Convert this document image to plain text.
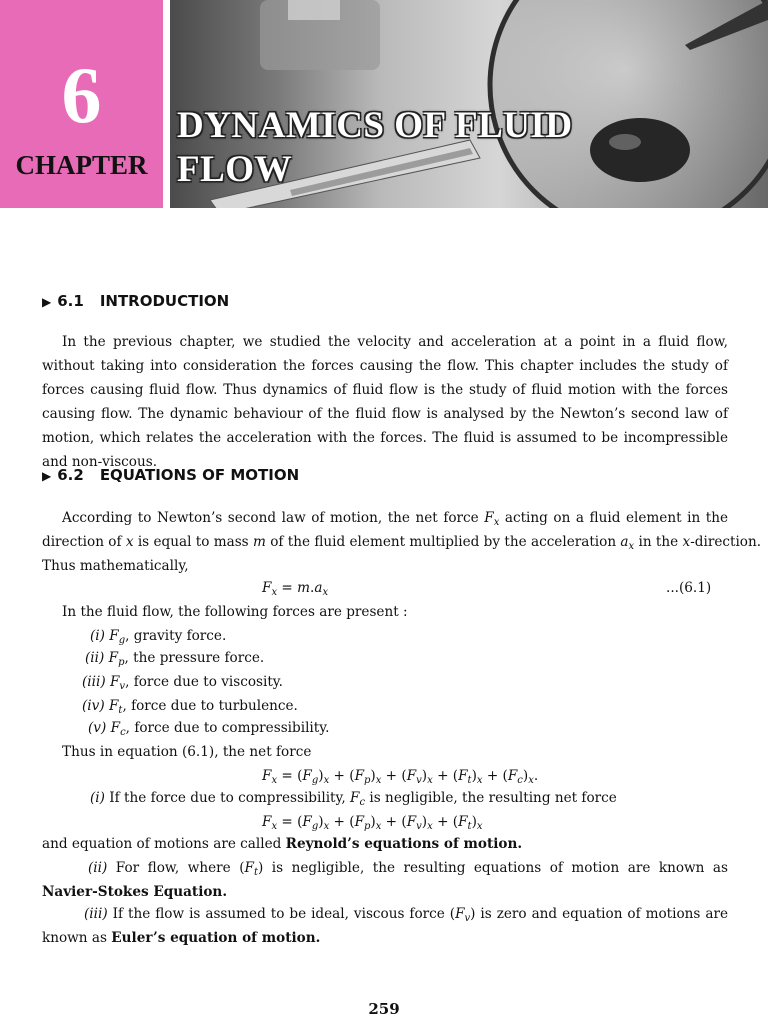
6
CHAPTER
DYNAMICS OF FLUID
FLOW
▶ 6.1 INTRODUCTION
In the previous chapter, we studied the velocity and acceleration at a point in a fluid flow, without taking into consideration the forces causing the flow. This chapter includes the study of forces causing fluid flow. Thus dynamics of fluid flow is the study of fluid motion with the forces causing flow. The dynamic behaviour of the fluid flow is analysed by the Newton’s second law of motion, which relates the acceleration with the forces. The fluid is assumed to be incompressible and non-viscous.
▶ 6.2 EQUATIONS OF MOTION
According to Newton’s second law of motion, the net force $F_x$ acting on a fluid element in the
direction of x is equal to mass m of the fluid element multiplied by the acceleration $a_x$ in the x-direction.
Thus mathematically,
$F_x = m.a_x$	...(6.1)
In the fluid flow, the following forces are present :
(i) $F_g$, gravity force.
(ii) $F_p$, the pressure force.
(iii) $F_v$, force due to viscosity.
(iv) $F_t$, force due to turbulence.
(v) $F_c$, force due to compressibility.
Thus in equation (6.1), the net force
$F_x = (F_g)_x + (F_p)_x + (F_v)_x + (F_t)_x + (F_c)_x$.
(i) If the force due to compressibility, $F_c$ is negligible, the resulting net force
$F_x = (F_g)_x + (F_p)_x + (F_v)_x + (F_t)_x$
and equation of motions are called Reynold’s equations of motion.
(ii) For flow, where $(F_t)$ is negligible, the resulting equations of motion are known as
Navier-Stokes Equation.
(iii) If the flow is assumed to be ideal, viscous force $(F_v)$ is zero and equation of motions are
known as Euler’s equation of motion.
259
